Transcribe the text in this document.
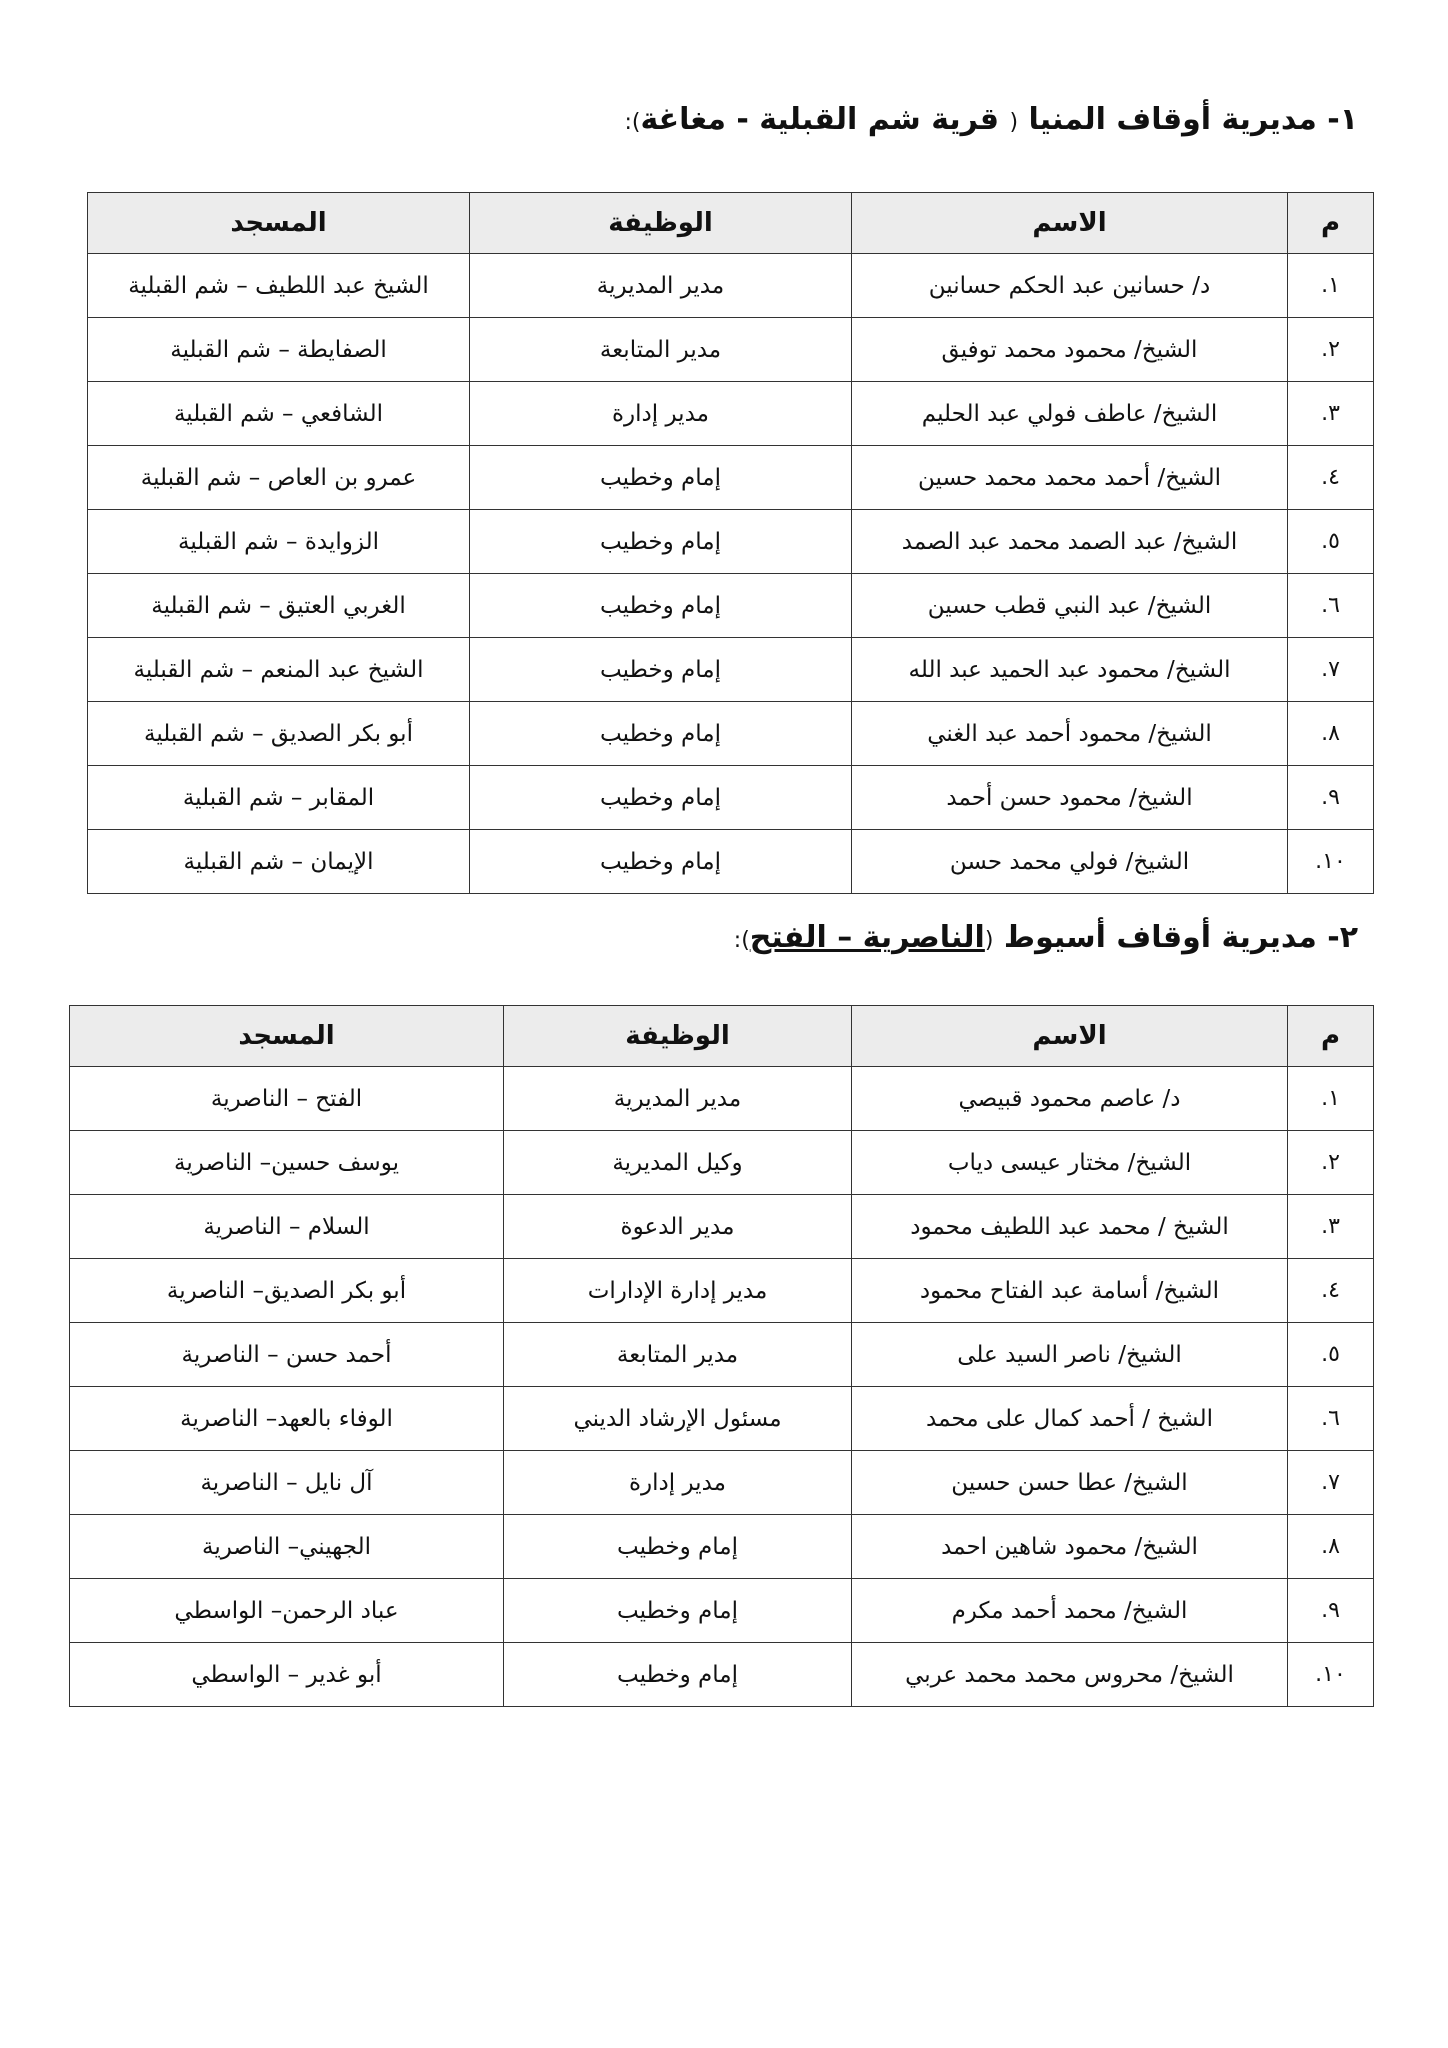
١- مديرية أوقاف المنيا ( قرية شم القبلية - مغاغة):
م	الاسم	الوظيفة	المسجد
١.	د/ حسانين عبد الحكم حسانين	مدير المديرية	الشيخ عبد اللطيف – شم القبلية
٢.	الشيخ/ محمود محمد توفيق	مدير المتابعة	الصفايطة – شم القبلية
٣.	الشيخ/ عاطف فولي عبد الحليم	مدير إدارة	الشافعي – شم القبلية
٤.	الشيخ/ أحمد محمد محمد حسين	إمام وخطيب	عمرو بن العاص – شم القبلية
٥.	الشيخ/ عبد الصمد محمد عبد الصمد	إمام وخطيب	الزوايدة – شم القبلية
٦.	الشيخ/ عبد النبي قطب حسين	إمام وخطيب	الغربي العتيق – شم القبلية
٧.	الشيخ/ محمود عبد الحميد عبد الله	إمام وخطيب	الشيخ عبد المنعم – شم القبلية
٨.	الشيخ/ محمود أحمد عبد الغني	إمام وخطيب	أبو بكر الصديق – شم القبلية
٩.	الشيخ/ محمود حسن أحمد	إمام وخطيب	المقابر – شم القبلية
١٠.	الشيخ/ فولي محمد حسن	إمام وخطيب	الإيمان – شم القبلية
٢- مديرية أوقاف أسيوط (الناصرية – الفتح):
م	الاسم	الوظيفة	المسجد
١.	د/ عاصم محمود قبيصي	مدير المديرية	الفتح – الناصرية
٢.	الشيخ/ مختار عيسى دياب	وكيل المديرية	يوسف حسين– الناصرية
٣.	الشيخ / محمد عبد اللطيف محمود	مدير الدعوة	السلام – الناصرية
٤.	الشيخ/ أسامة عبد الفتاح محمود	مدير إدارة الإدارات	أبو بكر الصديق– الناصرية
٥.	الشيخ/ ناصر السيد على	مدير المتابعة	أحمد حسن – الناصرية
٦.	الشيخ / أحمد كمال على محمد	مسئول الإرشاد الديني	الوفاء بالعهد– الناصرية
٧.	الشيخ/ عطا حسن حسين	مدير إدارة	آل نايل – الناصرية
٨.	الشيخ/ محمود شاهين احمد	إمام وخطيب	الجهيني– الناصرية
٩.	الشيخ/ محمد أحمد مكرم	إمام وخطيب	عباد الرحمن– الواسطي
١٠.	الشيخ/ محروس محمد محمد عربي	إمام وخطيب	أبو غدير – الواسطي
